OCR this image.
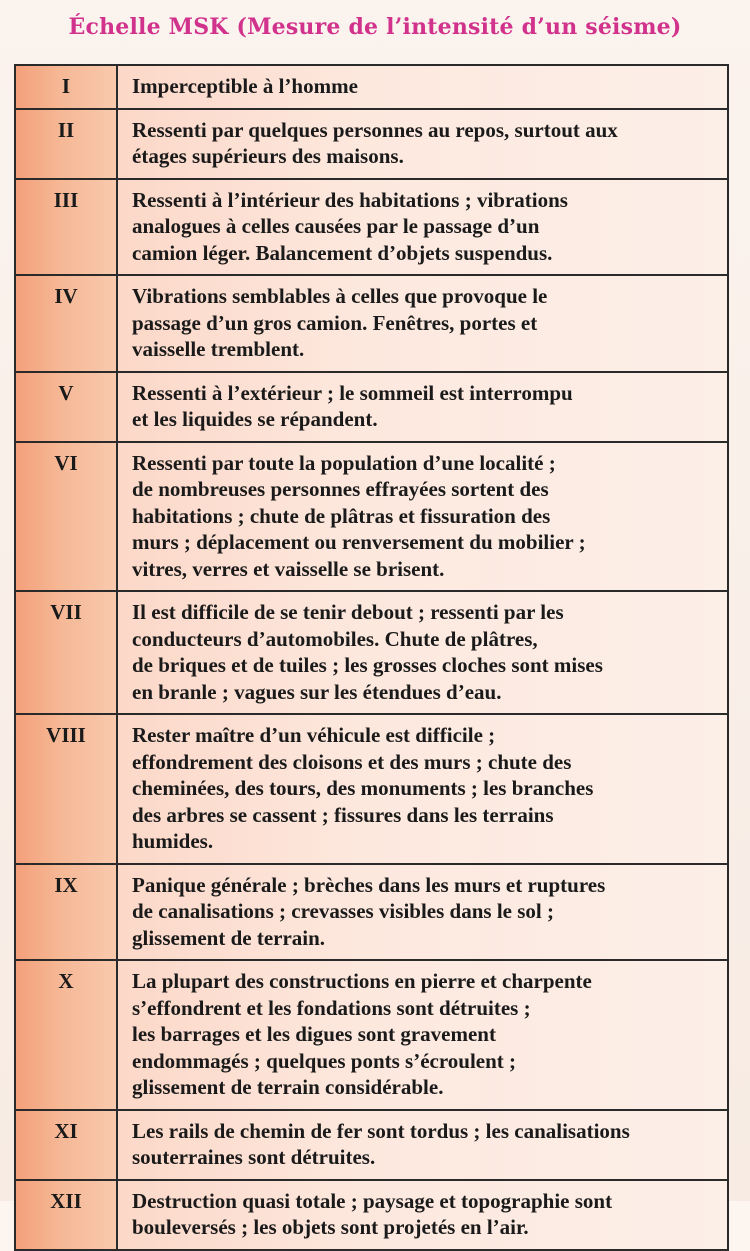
Échelle MSK (Mesure de l’intensité d’un séisme)
I	Imperceptible à l’homme
II	Ressenti par quelques personnes au repos, surtout aux
étages supérieurs des maisons.
III	Ressenti à l’intérieur des habitations ; vibrations
analogues à celles causées par le passage d’un
camion léger. Balancement d’objets suspendus.
IV	Vibrations semblables à celles que provoque le
passage d’un gros camion. Fenêtres, portes et
vaisselle tremblent.
V	Ressenti à l’extérieur ; le sommeil est interrompu
et les liquides se répandent.
VI	Ressenti par toute la population d’une localité ;
de nombreuses personnes effrayées sortent des
habitations ; chute de plâtras et fissuration des
murs ; déplacement ou renversement du mobilier ;
vitres, verres et vaisselle se brisent.
VII	Il est difficile de se tenir debout ; ressenti par les
conducteurs d’automobiles. Chute de plâtres,
de briques et de tuiles ; les grosses cloches sont mises
en branle ; vagues sur les étendues d’eau.
VIII	Rester maître d’un véhicule est difficile ;
effondrement des cloisons et des murs ; chute des
cheminées, des tours, des monuments ; les branches
des arbres se cassent ; fissures dans les terrains
humides.
IX	Panique générale ; brèches dans les murs et ruptures
de canalisations ; crevasses visibles dans le sol ;
glissement de terrain.
X	La plupart des constructions en pierre et charpente
s’effondrent et les fondations sont détruites ;
les barrages et les digues sont gravement
endommagés ; quelques ponts s’écroulent ;
glissement de terrain considérable.
XI	Les rails de chemin de fer sont tordus ; les canalisations
souterraines sont détruites.
XII	Destruction quasi totale ; paysage et topographie sont
bouleversés ; les objets sont projetés en l’air.
